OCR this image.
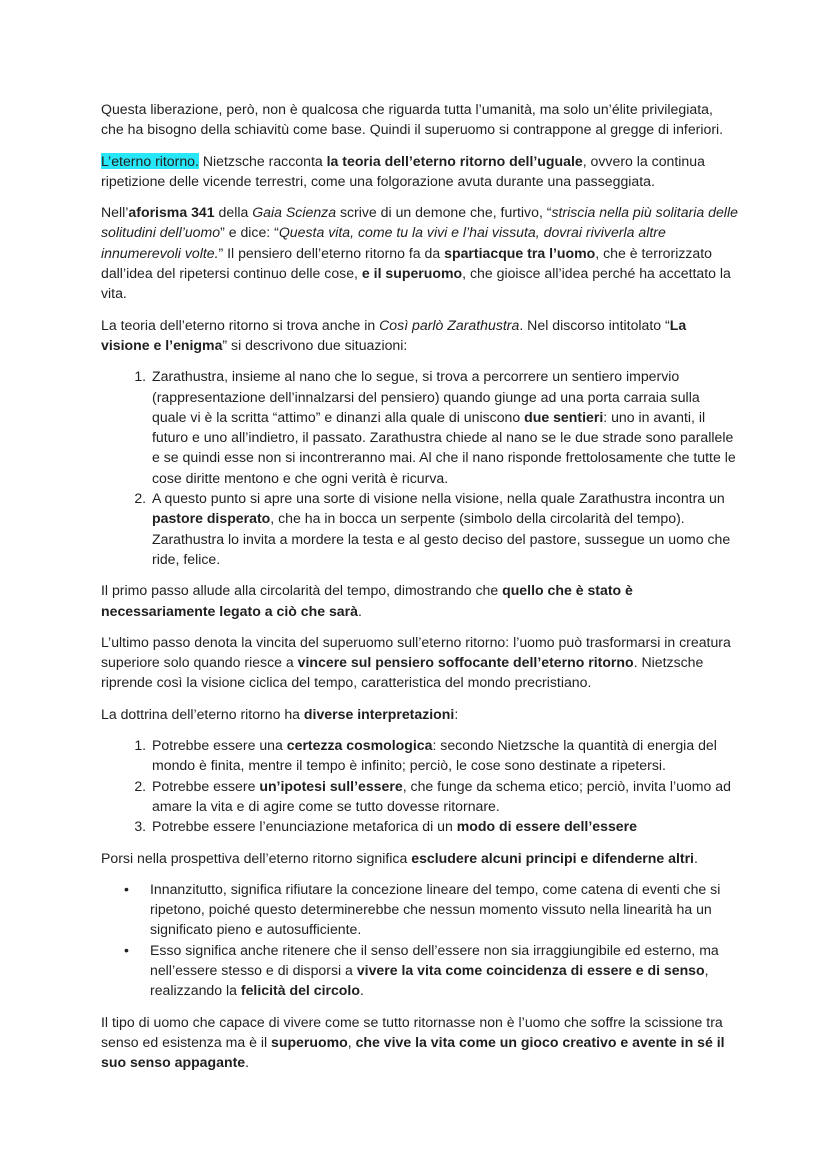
Questa liberazione, però, non è qualcosa che riguarda tutta l’umanità, ma solo un’élite privilegiata, che ha bisogno della schiavitù come base. Quindi il superuomo si contrappone al gregge di inferiori.

L’eterno ritorno. Nietzsche racconta la teoria dell’eterno ritorno dell’uguale, ovvero la continua ripetizione delle vicende terrestri, come una folgorazione avuta durante una passeggiata.

Nell’aforisma 341 della Gaia Scienza scrive di un demone che, furtivo, “striscia nella più solitaria delle solitudini dell’uomo” e dice: “Questa vita, come tu la vivi e l’hai vissuta, dovrai riviverla altre innumerevoli volte.” Il pensiero dell’eterno ritorno fa da spartiacque tra l’uomo, che è terrorizzato dall’idea del ripetersi continuo delle cose, e il superuomo, che gioisce all’idea perché ha accettato la vita.

La teoria dell’eterno ritorno si trova anche in Così parlò Zarathustra. Nel discorso intitolato “La visione e l’enigma” si descrivono due situazioni:

1. Zarathustra, insieme al nano che lo segue, si trova a percorrere un sentiero impervio (rappresentazione dell’innalzarsi del pensiero) quando giunge ad una porta carraia sulla quale vi è la scritta “attimo” e dinanzi alla quale di uniscono due sentieri: uno in avanti, il futuro e uno all’indietro, il passato. Zarathustra chiede al nano se le due strade sono parallele e se quindi esse non si incontreranno mai. Al che il nano risponde frettolosamente che tutte le cose diritte mentono e che ogni verità è ricurva.
2. A questo punto si apre una sorte di visione nella visione, nella quale Zarathustra incontra un pastore disperato, che ha in bocca un serpente (simbolo della circolarità del tempo). Zarathustra lo invita a mordere la testa e al gesto deciso del pastore, sussegue un uomo che ride, felice.

Il primo passo allude alla circolarità del tempo, dimostrando che quello che è stato è necessariamente legato a ciò che sarà.

L’ultimo passo denota la vincita del superuomo sull’eterno ritorno: l’uomo può trasformarsi in creatura superiore solo quando riesce a vincere sul pensiero soffocante dell’eterno ritorno. Nietzsche riprende così la visione ciclica del tempo, caratteristica del mondo precristiano.

La dottrina dell’eterno ritorno ha diverse interpretazioni:

1. Potrebbe essere una certezza cosmologica: secondo Nietzsche la quantità di energia del mondo è finita, mentre il tempo è infinito; perciò, le cose sono destinate a ripetersi.
2. Potrebbe essere un’ipotesi sull’essere, che funge da schema etico; perciò, invita l’uomo ad amare la vita e di agire come se tutto dovesse ritornare.
3. Potrebbe essere l’enunciazione metaforica di un modo di essere dell’essere

Porsi nella prospettiva dell’eterno ritorno significa escludere alcuni principi e difenderne altri.

• Innanzitutto, significa rifiutare la concezione lineare del tempo, come catena di eventi che si ripetono, poiché questo determinerebbe che nessun momento vissuto nella linearità ha un significato pieno e autosufficiente.
• Esso significa anche ritenere che il senso dell’essere non sia irraggiungibile ed esterno, ma nell’essere stesso e di disporsi a vivere la vita come coincidenza di essere e di senso, realizzando la felicità del circolo.

Il tipo di uomo che capace di vivere come se tutto ritornasse non è l’uomo che soffre la scissione tra senso ed esistenza ma è il superuomo, che vive la vita come un gioco creativo e avente in sé il suo senso appagante.
